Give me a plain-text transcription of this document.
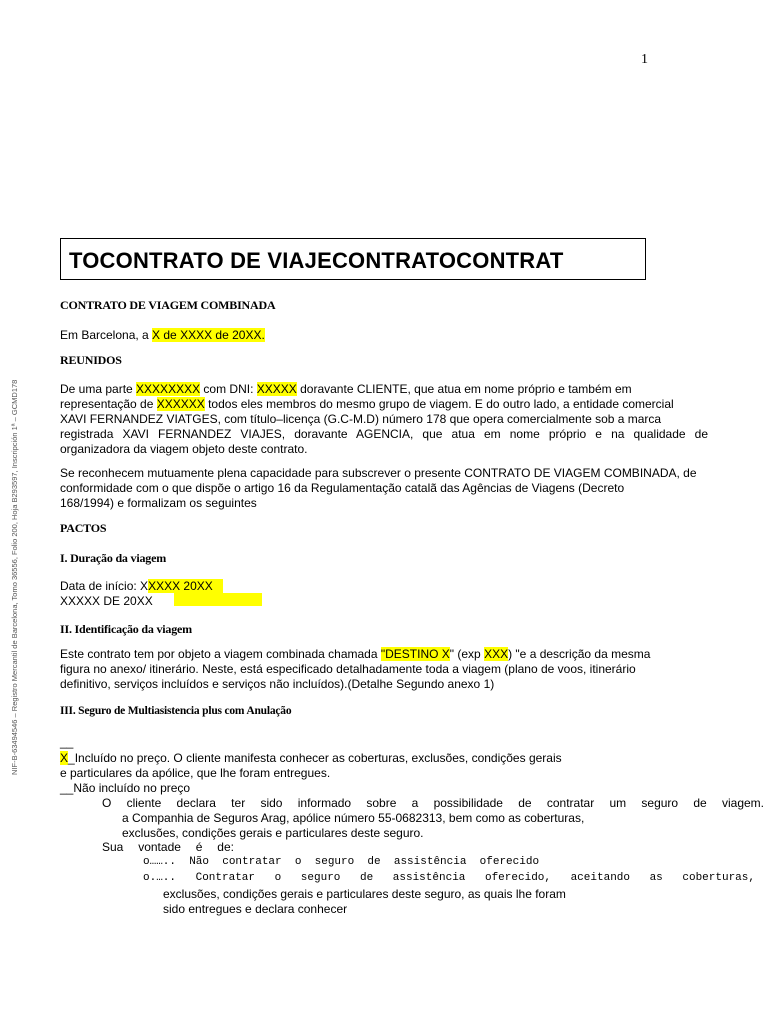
1
NIF-B-63494546 – Registro Mercantil de Barcelona, Tomo 36556, Folio 200, Hoja B293597, Inscripción 1ª – GCMD178
TOCONTRATO DE VIAJECONTRATOCONTRAT
CONTRATO DE VIAGEM COMBINADA
Em Barcelona, a X de XXXX de 20XX.
REUNIDOS
De uma parte XXXXXXXX com DNI: XXXXX doravante CLIENTE, que atua em nome próprio e também em
representação de XXXXXX todos eles membros do mesmo grupo de viagem. E do outro lado, a entidade comercial
XAVI FERNANDEZ VIATGES, com título–licença (G.C-M.D) número 178 que opera comercialmente sob a marca
registrada XAVI FERNANDEZ VIAJES, doravante AGENCIA, que atua em nome próprio e na qualidade de
organizadora da viagem objeto deste contrato.
Se reconhecem mutuamente plena capacidade para subscrever o presente CONTRATO DE VIAGEM COMBINADA, de
conformidade com o que dispõe o artigo 16 da Regulamentação catalã das Agências de Viagens (Decreto
168/1994) e formalizam os seguintes
PACTOS
I. Duração da viagem
Data de início: XXXXX 20XX
XXXXX DE 20XX
II. Identificação da viagem
Este contrato tem por objeto a viagem combinada chamada "DESTINO X" (exp XXX) "e a descrição da mesma
figura no anexo/ itinerário. Neste, está especificado detalhadamente toda a viagem (plano de voos, itinerário
definitivo, serviços incluídos e serviços não incluídos).(Detalhe Segundo anexo 1)
III. Seguro de Multiasistencia plus com Anulação
__
X_Incluído no preço. O cliente manifesta conhecer as coberturas, exclusões, condições gerais
e particulares da apólice, que lhe foram entregues.
__Não incluído no preço
O cliente declara ter sido informado sobre a possibilidade de contratar um seguro de viagem.
a Companhia de Seguros Arag, apólice número 55-0682313, bem como as coberturas,
exclusões, condições gerais e particulares deste seguro.
Sua vontade é de:
o……..  Não  contratar  o  seguro  de  assistência  oferecido
o.…..  Contratar  o  seguro  de  assistência  oferecido,  aceitando  as  coberturas,
exclusões, condições gerais e particulares deste seguro, as quais lhe foram
sido entregues e declara conhecer
